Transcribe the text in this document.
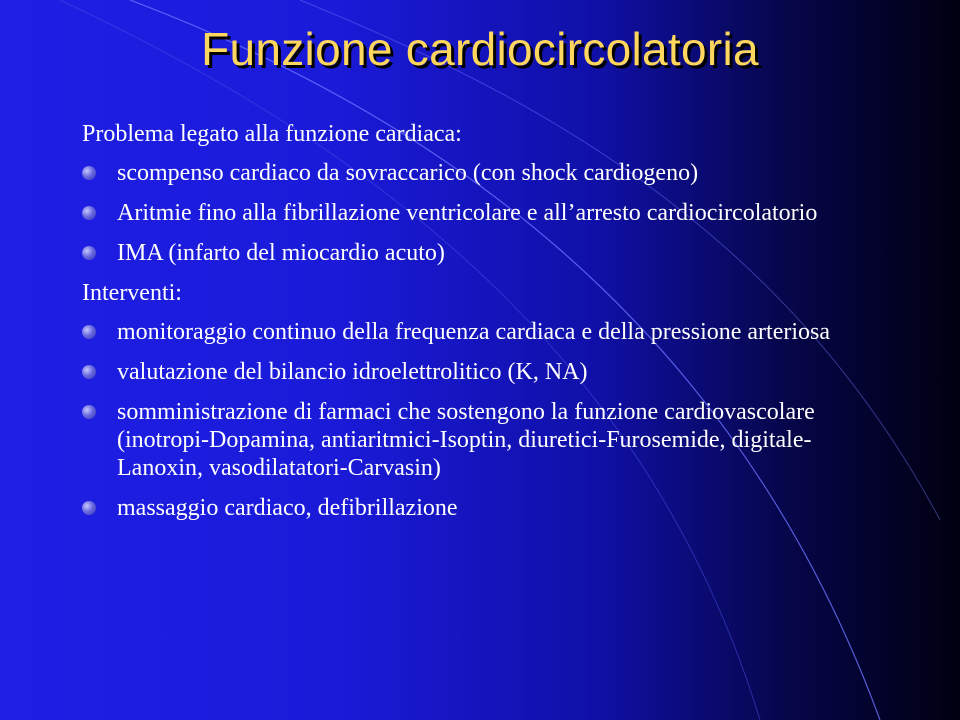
Funzione cardiocircolatoria
Problema legato alla funzione cardiaca:
scompenso cardiaco da sovraccarico (con shock cardiogeno)
Aritmie fino alla fibrillazione ventricolare e all’arresto cardiocircolatorio
IMA (infarto del miocardio acuto)
Interventi:
monitoraggio continuo della frequenza cardiaca e della pressione arteriosa
valutazione del bilancio idroelettrolitico (K, NA)
somministrazione di farmaci che sostengono la funzione cardiovascolare (inotropi-Dopamina, antiaritmici-Isoptin, diuretici-Furosemide, digitale-Lanoxin, vasodilatatori-Carvasin)
massaggio cardiaco, defibrillazione
